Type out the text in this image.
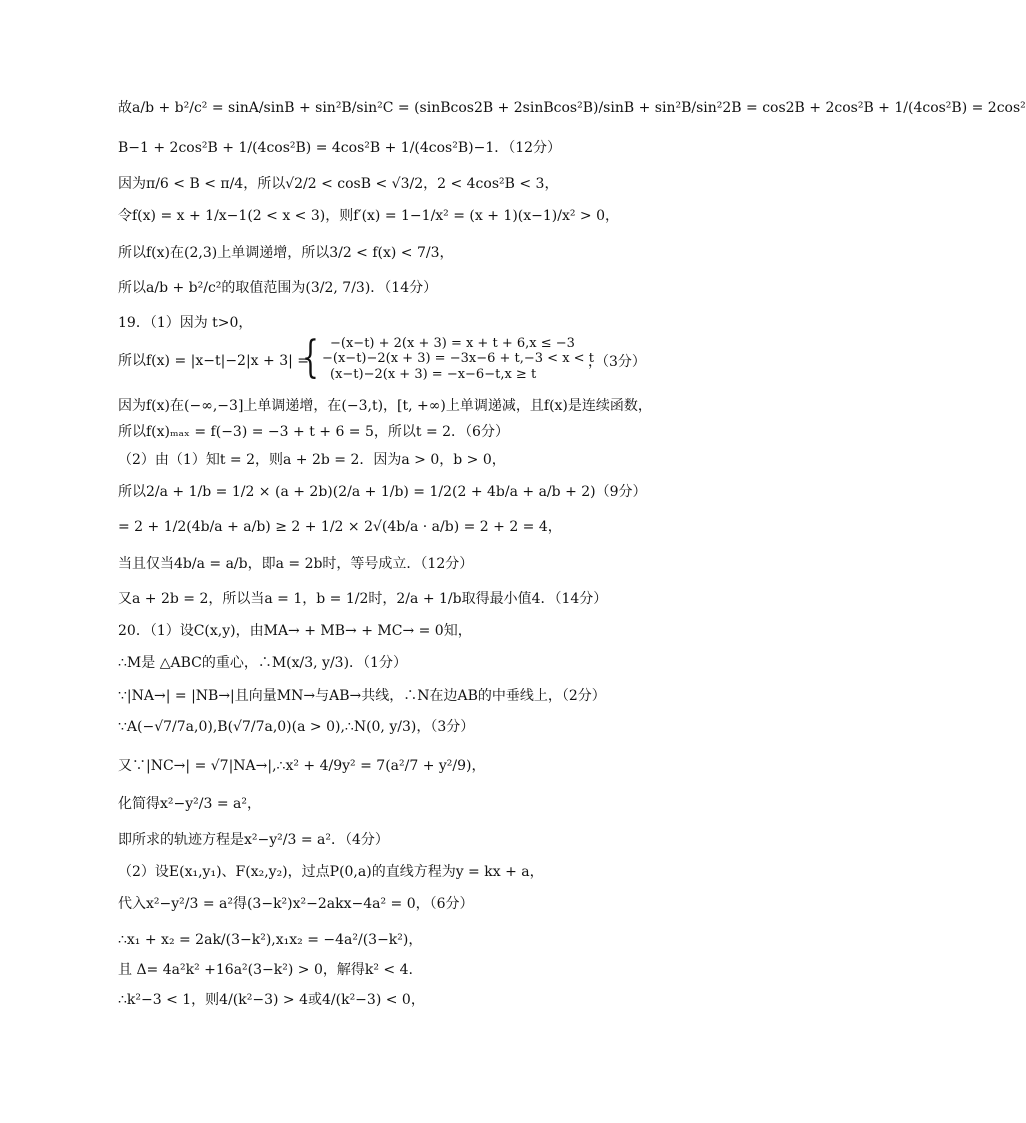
故a/b + b²/c² = sinA/sinB + sin²B/sin²C = (sinBcos2B + 2sinBcos²B)/sinB + sin²B/sin²2B = cos2B + 2cos²B + 1/(4cos²B) = 2cos²
B−1 + 2cos²B + 1/(4cos²B) = 4cos²B + 1/(4cos²B)−1．（12分）
因为π/6 < B < π/4，所以√2/2 < cosB < √3/2，2 < 4cos²B < 3，
令f(x) = x + 1/x−1(2 < x < 3)，则f′(x) = 1−1/x² = (x + 1)(x−1)/x² > 0，
所以f(x)在(2,3)上单调递增，所以3/2 < f(x) < 7/3，
所以a/b + b²/c²的取值范围为(3/2, 7/3)．（14分）
19．（1）因为 t>0，
所以f(x) = |x−t|−2|x + 3| =
{ −(x−t) + 2(x + 3) = x + t + 6,x ≤ −3
−(x−t)−2(x + 3) = −3x−6 + t,−3 < x < t
(x−t)−2(x + 3) = −x−6−t,x ≥ t
，（3分）
因为f(x)在(−∞,−3]上单调递增，在(−3,t)，[t, +∞)上单调递减，且f(x)是连续函数，
所以f(x)ₘₐₓ = f(−3) = −3 + t + 6 = 5，所以t = 2．（6分）
（2）由（1）知t = 2，则a + 2b = 2．因为a > 0，b > 0，
所以2/a + 1/b = 1/2 × (a + 2b)(2/a + 1/b) = 1/2(2 + 4b/a + a/b + 2)（9分）
= 2 + 1/2(4b/a + a/b) ≥ 2 + 1/2 × 2√(4b/a · a/b) = 2 + 2 = 4，
当且仅当4b/a = a/b，即a = 2b时，等号成立．（12分）
又a + 2b = 2，所以当a = 1，b = 1/2时，2/a + 1/b取得最小值4．（14分）
20．（1）设C(x,y)，由MA→ + MB→ + MC→ = 0知，
∴M是 △ABC的重心，∴M(x/3, y/3)．（1分）
∵|NA→| = |NB→|且向量MN→与AB→共线，∴N在边AB的中垂线上，（2分）
∵A(−√7/7a,0),B(√7/7a,0)(a > 0),∴N(0, y/3)，（3分）
又∵|NC→| = √7|NA→|,∴x² + 4/9y² = 7(a²/7 + y²/9)，
化简得x²−y²/3 = a²，
即所求的轨迹方程是x²−y²/3 = a²．（4分）
（2）设E(x₁,y₁)、F(x₂,y₂)，过点P(0,a)的直线方程为y = kx + a，
代入x²−y²/3 = a²得(3−k²)x²−2akx−4a² = 0，（6分）
∴x₁ + x₂ = 2ak/(3−k²),x₁x₂ = −4a²/(3−k²)，
且 Δ= 4a²k² +16a²(3−k²) > 0，解得k² < 4.
∴k²−3 < 1，则4/(k²−3) > 4或4/(k²−3) < 0，
